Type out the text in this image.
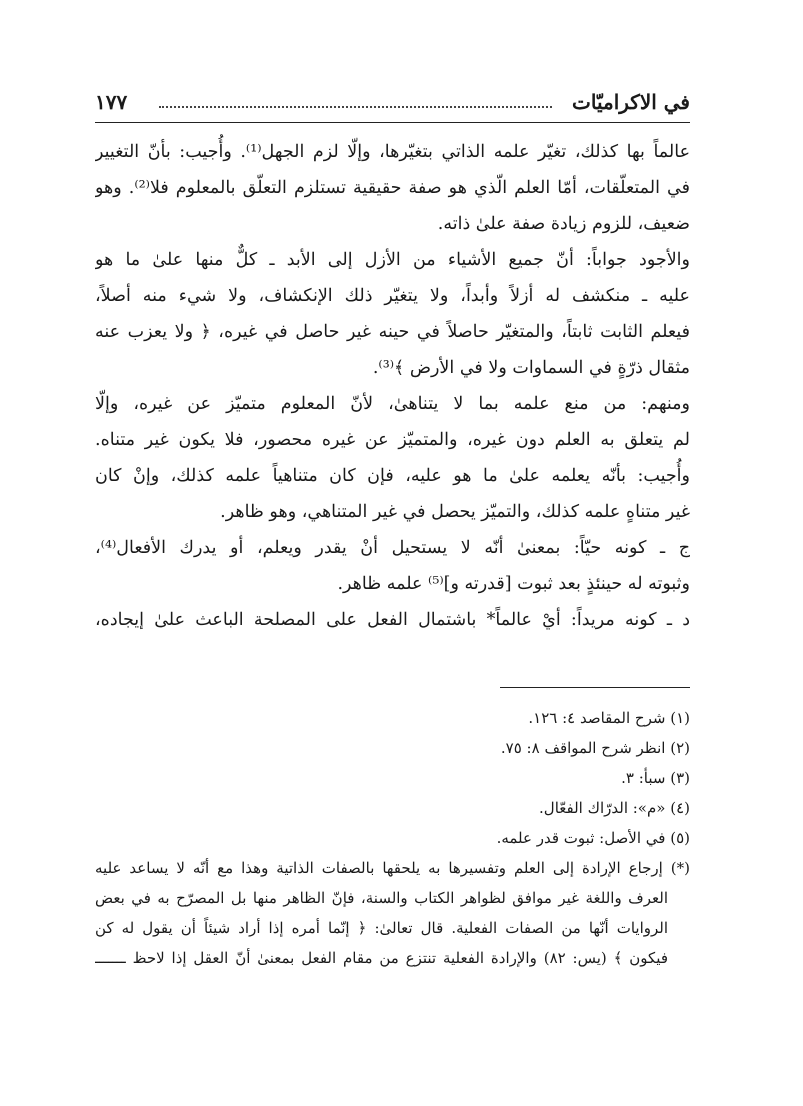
في الاكراميّات
١٧٧
عالماً بها كذلك، تغيّر علمه الذاتي بتغيّرها، وإلّا لزم الجهل⁽¹⁾. وأُجيب: بأنّ التغيير
في المتعلّقات، أمّا العلم الّذي هو صفة حقيقية تستلزم التعلّق بالمعلوم فلا⁽²⁾. وهو
ضعيف، للزوم زيادة صفة علىٰ ذاته.
والأجود جواباً: أنّ جميع الأشياء من الأزل إلى الأبد ـ كلٌّ منها علىٰ ما هو
عليه ـ منكشف له أزلاً وأبداً، ولا يتغيّر ذلك الإنكشاف، ولا شيء منه أصلاً،
فيعلم الثابت ثابتاً، والمتغيّر حاصلاً في حينه غير حاصل في غيره، ﴿ ولا يعزب عنه
مثقال ذرّةٍ في السماوات ولا في الأرض ﴾⁽³⁾.
ومنهم: من منع علمه بما لا يتناهىٰ، لأنّ المعلوم متميّز عن غيره، وإلّا
لم يتعلق به العلم دون غيره، والمتميّز عن غيره محصور، فلا يكون غير متناه.
وأُجيب: بأنّه يعلمه علىٰ ما هو عليه، فإن كان متناهياً علمه كذلك، وإنْ كان
غير متناهٍ علمه كذلك، والتميّز يحصل في غير المتناهي، وهو ظاهر.
ج ـ كونه حيّاً: بمعنىٰ أنّه لا يستحيل أنْ يقدر ويعلم، أو يدرك الأفعال⁽⁴⁾،
وثبوته له حينئذٍ بعد ثبوت [قدرته و]⁽⁵⁾ علمه ظاهر.
د ـ كونه مريداً: أيْ عالماً* باشتمال الفعل على المصلحة الباعث علىٰ إيجاده،
(١) شرح المقاصد ٤: ١٢٦.
(٢) انظر شرح المواقف ٨: ٧٥.
(٣) سبأ: ٣.
(٤) «م»: الدرّاك الفعّال.
(٥) في الأصل: ثبوت قدر علمه.
(*) إرجاع الإرادة إلى العلم وتفسيرها به يلحقها بالصفات الذاتية وهذا مع أنّه لا يساعد عليه
العرف واللغة غير موافق لظواهر الكتاب والسنة، فإنّ الظاهر منها بل المصرّح به في بعض
الروايات أنّها من الصفات الفعلية. قال تعالىٰ: ﴿ إنّما أمره إذا أراد شيئاً أن يقول له كن
فيكون ﴾ (يس: ٨٢) والإرادة الفعلية تنتزع من مقام الفعل بمعنىٰ أنّ العقل إذا لاحظ ـــــــ
